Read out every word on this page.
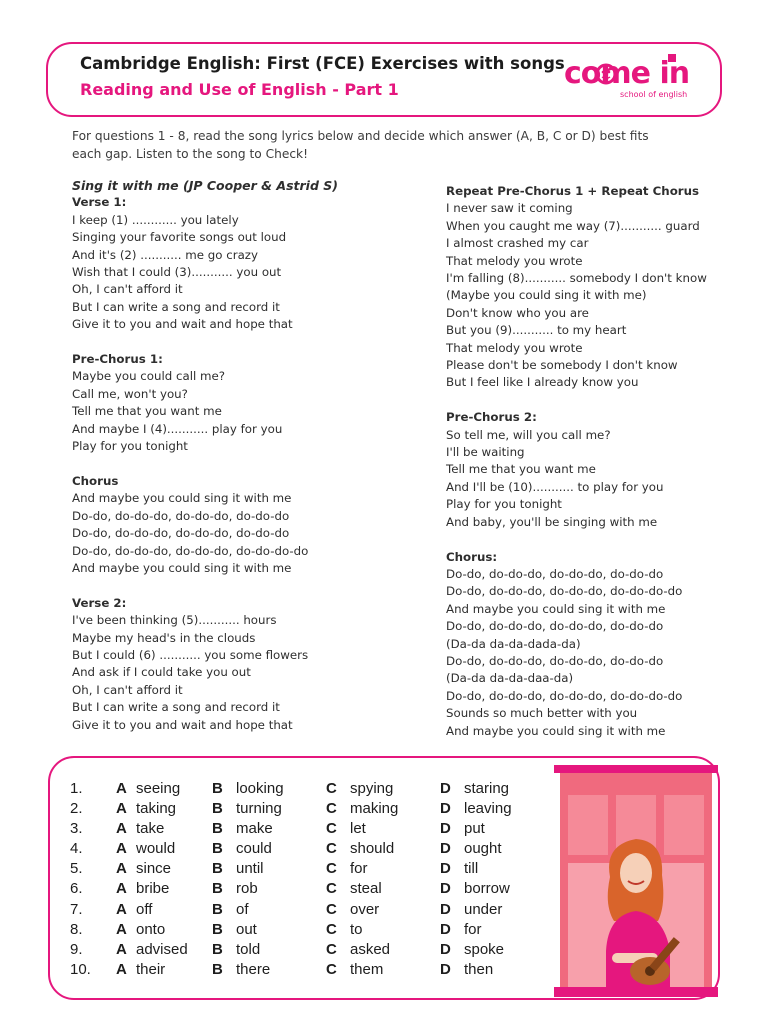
Cambridge English: First (FCE) Exercises with songs
Reading and Use of English - Part 1	come in
school of english
For questions 1 - 8, read the song lyrics below and decide which answer (A, B, C or D) best fits
each gap. Listen to the song to Check!
Sing it with me (JP Cooper & Astrid S)
Verse 1:
I keep (1) ............ you lately
Singing your favorite songs out loud
And it's (2) ........... me go crazy
Wish that I could (3)........... you out
Oh, I can't afford it
But I can write a song and record it
Give it to you and wait and hope that
Pre-Chorus 1:
Maybe you could call me?
Call me, won't you?
Tell me that you want me
And maybe I (4)........... play for you
Play for you tonight
Chorus
And maybe you could sing it with me
Do-do, do-do-do, do-do-do, do-do-do
Do-do, do-do-do, do-do-do, do-do-do
Do-do, do-do-do, do-do-do, do-do-do-do
And maybe you could sing it with me
Verse 2:
I've been thinking (5)........... hours
Maybe my head's in the clouds
But I could (6) ........... you some flowers
And ask if I could take you out
Oh, I can't afford it
But I can write a song and record it
Give it to you and wait and hope that
Repeat Pre-Chorus 1 + Repeat Chorus
I never saw it coming
When you caught me way (7)........... guard
I almost crashed my car
That melody you wrote
I'm falling (8)........... somebody I don't know
(Maybe you could sing it with me)
Don't know who you are
But you (9)........... to my heart
That melody you wrote
Please don't be somebody I don't know
But I feel like I already know you
Pre-Chorus 2:
So tell me, will you call me?
I'll be waiting
Tell me that you want me
And I'll be (10)........... to play for you
Play for you tonight
And baby, you'll be singing with me
Chorus:
Do-do, do-do-do, do-do-do, do-do-do
Do-do, do-do-do, do-do-do, do-do-do-do
And maybe you could sing it with me
Do-do, do-do-do, do-do-do, do-do-do
(Da-da da-da-dada-da)
Do-do, do-do-do, do-do-do, do-do-do
(Da-da da-da-daa-da)
Do-do, do-do-do, do-do-do, do-do-do-do
Sounds so much better with you
And maybe you could sing it with me
1. A seeing B looking	C spying	D staring
2. A taking B turning	C making	D leaving
3. A take	B make	C let	D put
4. A would B could	C should	D ought
5. A since	B until	C for	D till
6. A bribe	B rob	C steal	D borrow
7. A off	B of	C over	D under
8. A onto	B out	C to	D for
9. A advised B told	C asked	D spoke
10. A their	B there	C them	D then
